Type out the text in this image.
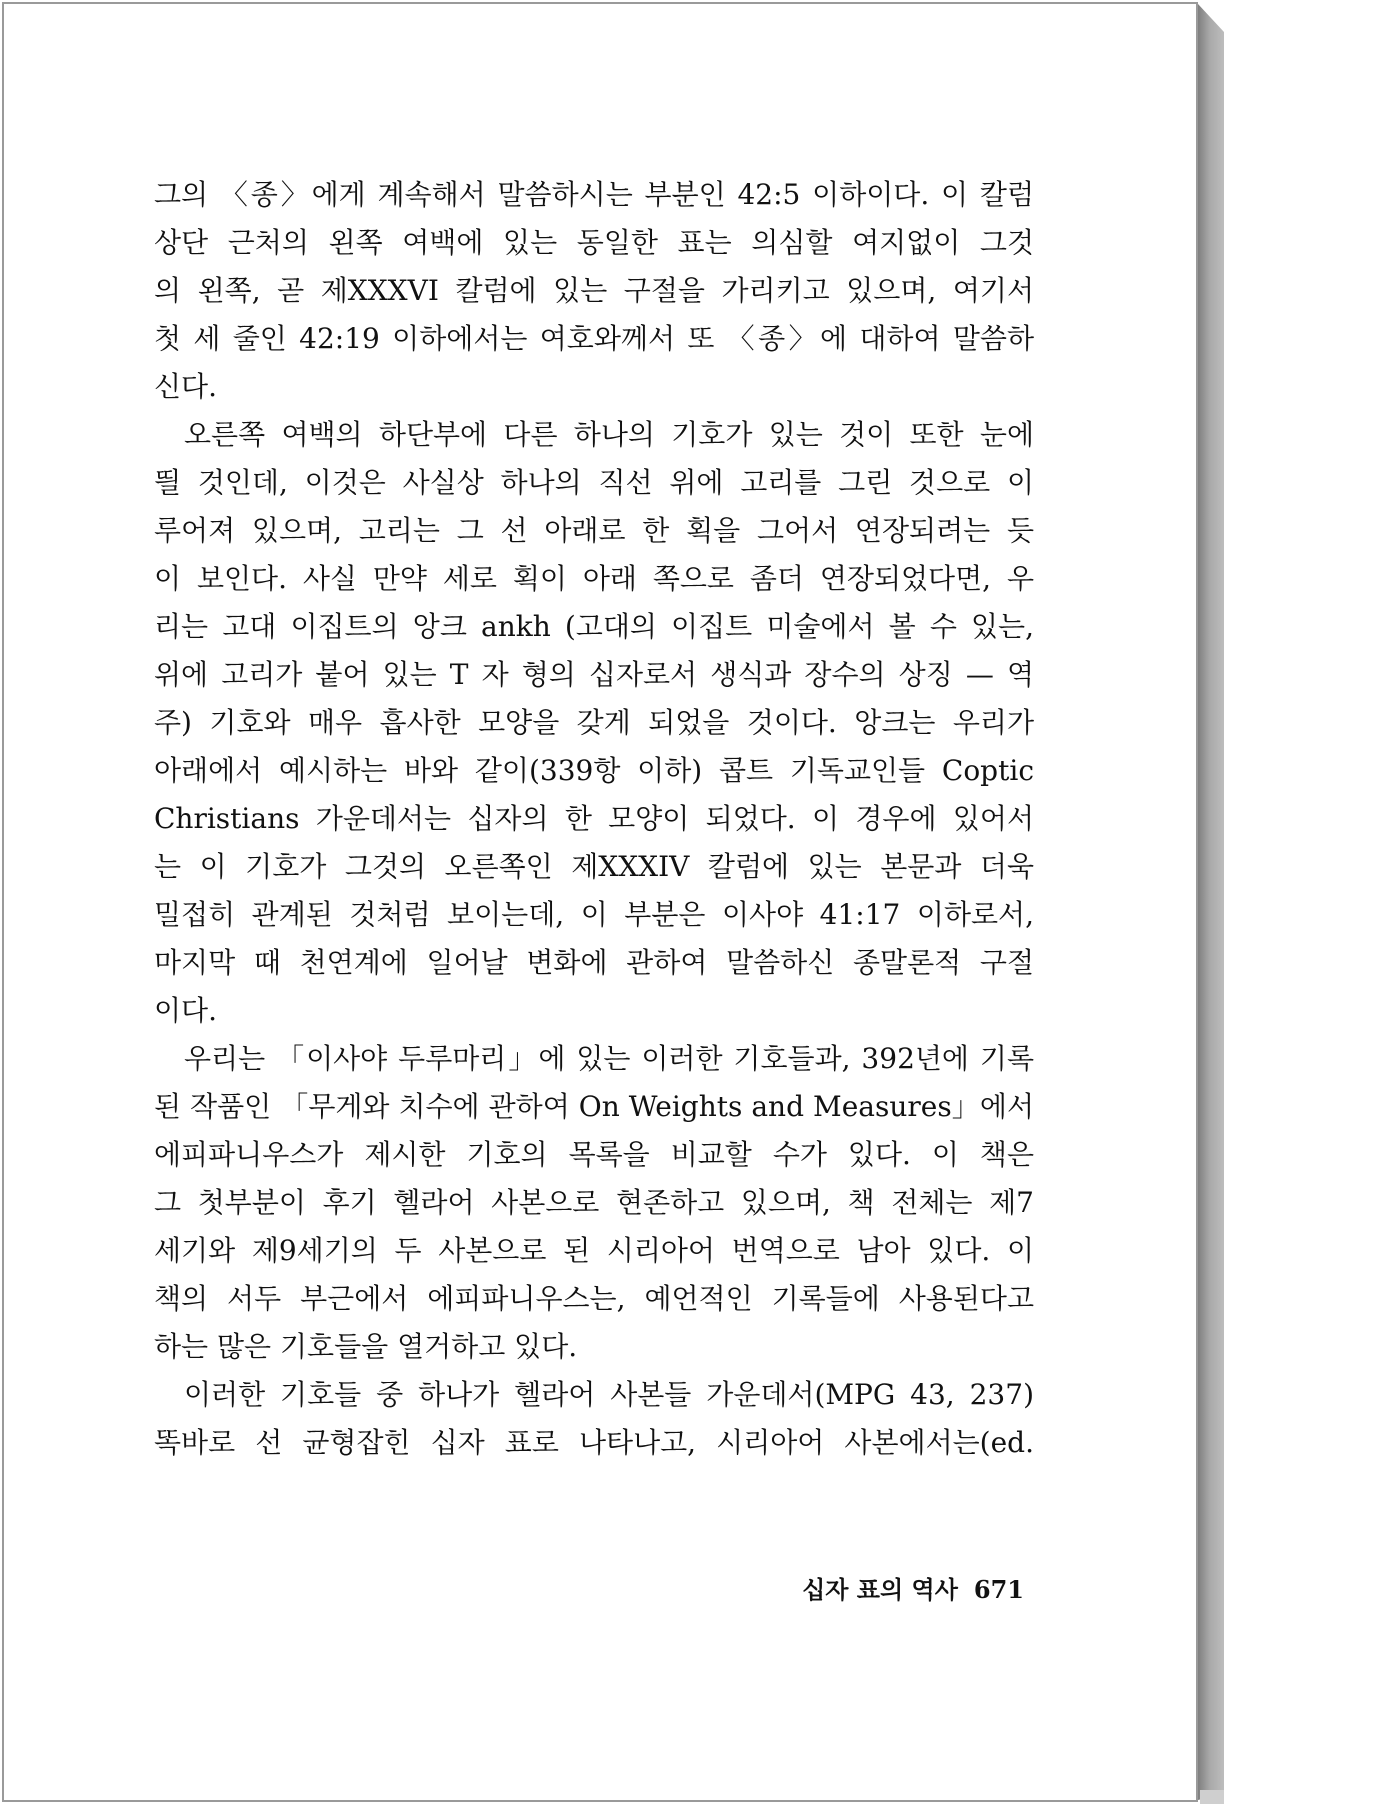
그의 〈종〉에게 계속해서 말씀하시는 부분인 42:5 이하이다. 이 칼럼
상단 근처의 왼쪽 여백에 있는 동일한 표는 의심할 여지없이 그것
의 왼쪽, 곧 제XXXVI 칼럼에 있는 구절을 가리키고 있으며, 여기서
첫 세 줄인 42:19 이하에서는 여호와께서 또 〈종〉에 대하여 말씀하
신다.
오른쪽 여백의 하단부에 다른 하나의 기호가 있는 것이 또한 눈에
띌 것인데, 이것은 사실상 하나의 직선 위에 고리를 그린 것으로 이
루어져 있으며, 고리는 그 선 아래로 한 획을 그어서 연장되려는 듯
이 보인다. 사실 만약 세로 획이 아래 쪽으로 좀더 연장되었다면, 우
리는 고대 이집트의 앙크 ankh (고대의 이집트 미술에서 볼 수 있는,
위에 고리가 붙어 있는 T 자 형의 십자로서 생식과 장수의 상징 — 역
주) 기호와 매우 흡사한 모양을 갖게 되었을 것이다. 앙크는 우리가
아래에서 예시하는 바와 같이(339항 이하) 콥트 기독교인들 Coptic
Christians 가운데서는 십자의 한 모양이 되었다. 이 경우에 있어서
는 이 기호가 그것의 오른쪽인 제XXXIV 칼럼에 있는 본문과 더욱
밀접히 관계된 것처럼 보이는데, 이 부분은 이사야 41:17 이하로서,
마지막 때 천연계에 일어날 변화에 관하여 말씀하신 종말론적 구절
이다.
우리는 「이사야 두루마리」에 있는 이러한 기호들과, 392년에 기록
된 작품인 「무게와 치수에 관하여 On Weights and Measures」에서
에피파니우스가 제시한 기호의 목록을 비교할 수가 있다. 이 책은
그 첫부분이 후기 헬라어 사본으로 현존하고 있으며, 책 전체는 제7
세기와 제9세기의 두 사본으로 된 시리아어 번역으로 남아 있다. 이
책의 서두 부근에서 에피파니우스는, 예언적인 기록들에 사용된다고
하는 많은 기호들을 열거하고 있다.
이러한 기호들 중 하나가 헬라어 사본들 가운데서(MPG 43, 237)
똑바로 선 균형잡힌 십자 표로 나타나고, 시리아어 사본에서는(ed.
십자 표의 역사 671
